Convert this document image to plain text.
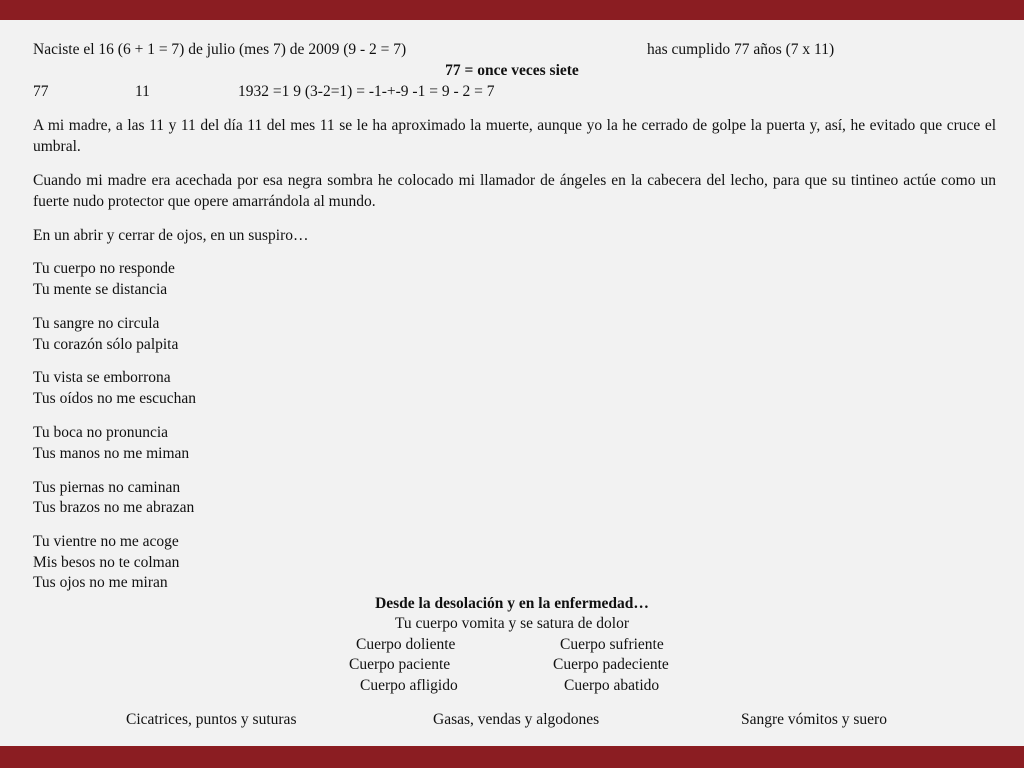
Naciste el 16 (6 + 1 = 7) de julio (mes 7) de 2009 (9 - 2 = 7)	has cumplido 77 años (7 x 11)
77 = once veces siete
77	11	1932 =1 9 (3-2=1) = -1-+-9 -1 = 9 - 2 = 7
A mi madre, a las 11 y 11 del día 11 del mes 11 se le ha aproximado la muerte, aunque yo la he cerrado de golpe la puerta y, así, he evitado que cruce el umbral.
Cuando mi madre era acechada por esa negra sombra he colocado mi llamador de ángeles en la cabecera del lecho, para que su tintineo actúe como un fuerte nudo protector que opere amarrándola al mundo.
En un abrir y cerrar de ojos, en un suspiro…
Tu cuerpo no responde
Tu mente se distancia
Tu sangre no circula
Tu corazón sólo palpita
Tu vista se emborrona
Tus oídos no me escuchan
Tu boca no pronuncia
Tus manos no me miman
Tus piernas no caminan
Tus brazos no me abrazan
Tu vientre no me acoge
Mis besos no te colman
Tus ojos no me miran
Desde la desolación y en la enfermedad…
Tu cuerpo vomita y se satura de dolor
Cuerpo doliente	Cuerpo sufriente
Cuerpo paciente	Cuerpo padeciente
Cuerpo afligido	Cuerpo abatido
Cicatrices, puntos y suturas	Gasas, vendas y algodones	Sangre vómitos y suero
